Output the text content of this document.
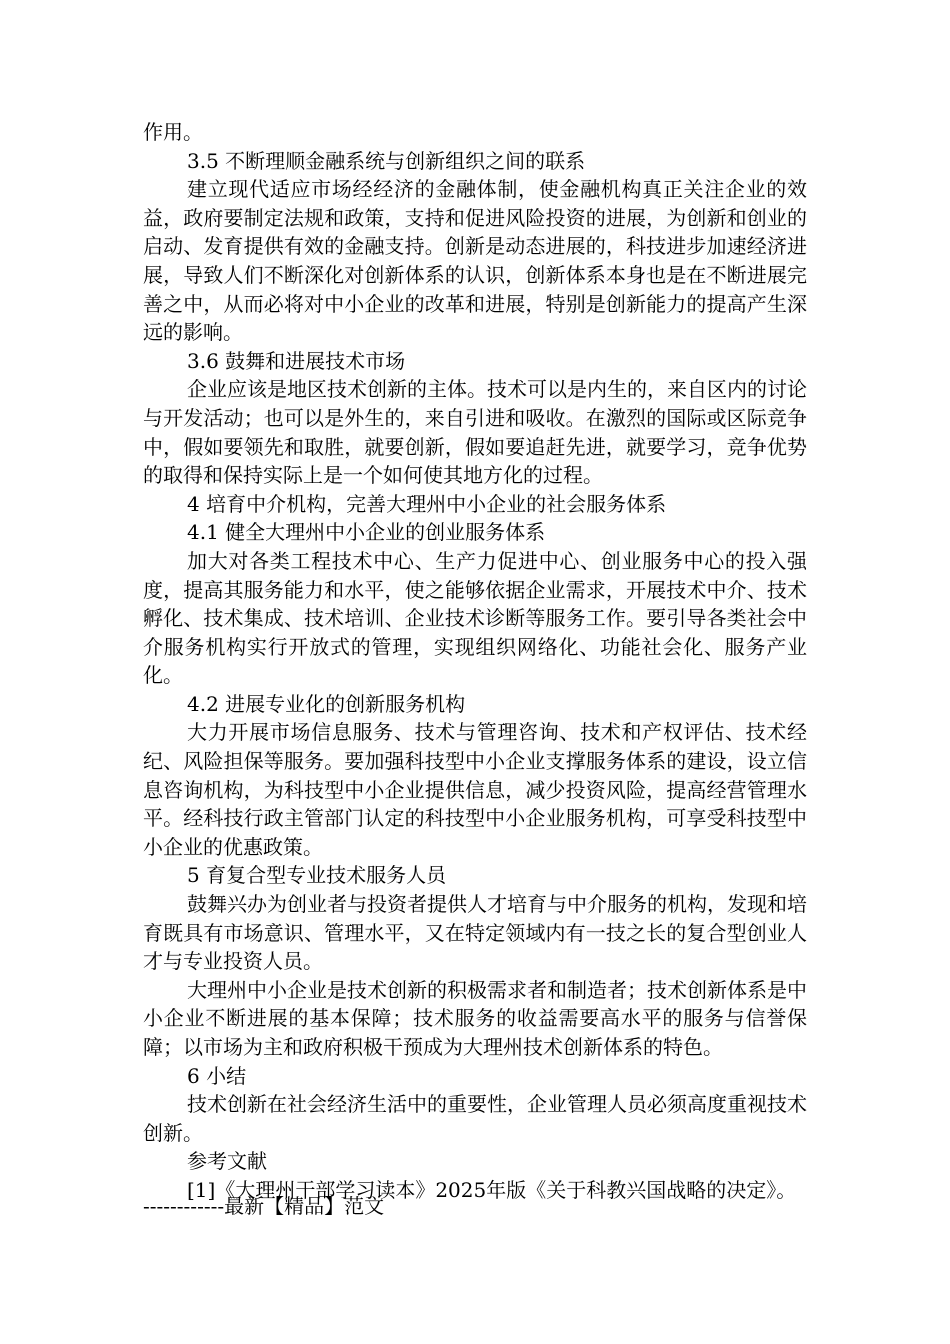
作用。

3.5 不断理顺金融系统与创新组织之间的联系

建立现代适应市场经经济的金融体制，使金融机构真正关注企业的效益，政府要制定法规和政策，支持和促进风险投资的进展，为创新和创业的启动、发育提供有效的金融支持。创新是动态进展的，科技进步加速经济进展，导致人们不断深化对创新体系的认识，创新体系本身也是在不断进展完善之中，从而必将对中小企业的改革和进展，特别是创新能力的提高产生深远的影响。

3.6 鼓舞和进展技术市场

企业应该是地区技术创新的主体。技术可以是内生的，来自区内的讨论与开发活动；也可以是外生的，来自引进和吸收。在激烈的国际或区际竞争中，假如要领先和取胜，就要创新，假如要追赶先进，就要学习，竞争优势的取得和保持实际上是一个如何使其地方化的过程。

4 培育中介机构，完善大理州中小企业的社会服务体系

4.1 健全大理州中小企业的创业服务体系

加大对各类工程技术中心、生产力促进中心、创业服务中心的投入强度，提高其服务能力和水平，使之能够依据企业需求，开展技术中介、技术孵化、技术集成、技术培训、企业技术诊断等服务工作。要引导各类社会中介服务机构实行开放式的管理，实现组织网络化、功能社会化、服务产业化。

4.2 进展专业化的创新服务机构

大力开展市场信息服务、技术与管理咨询、技术和产权评估、技术经纪、风险担保等服务。要加强科技型中小企业支撑服务体系的建设，设立信息咨询机构，为科技型中小企业提供信息，减少投资风险，提高经营管理水平。经科技行政主管部门认定的科技型中小企业服务机构，可享受科技型中小企业的优惠政策。

5 育复合型专业技术服务人员

鼓舞兴办为创业者与投资者提供人才培育与中介服务的机构，发现和培育既具有市场意识、管理水平，又在特定领域内有一技之长的复合型创业人才与专业投资人员。

大理州中小企业是技术创新的积极需求者和制造者；技术创新体系是中小企业不断进展的基本保障；技术服务的收益需要高水平的服务与信誉保障；以市场为主和政府积极干预成为大理州技术创新体系的特色。

6 小结

技术创新在社会经济生活中的重要性，企业管理人员必须高度重视技术创新。

参考文献

[1]《大理州干部学习读本》2025年版《关于科教兴国战略的决定》。

------------最新【精品】范文
